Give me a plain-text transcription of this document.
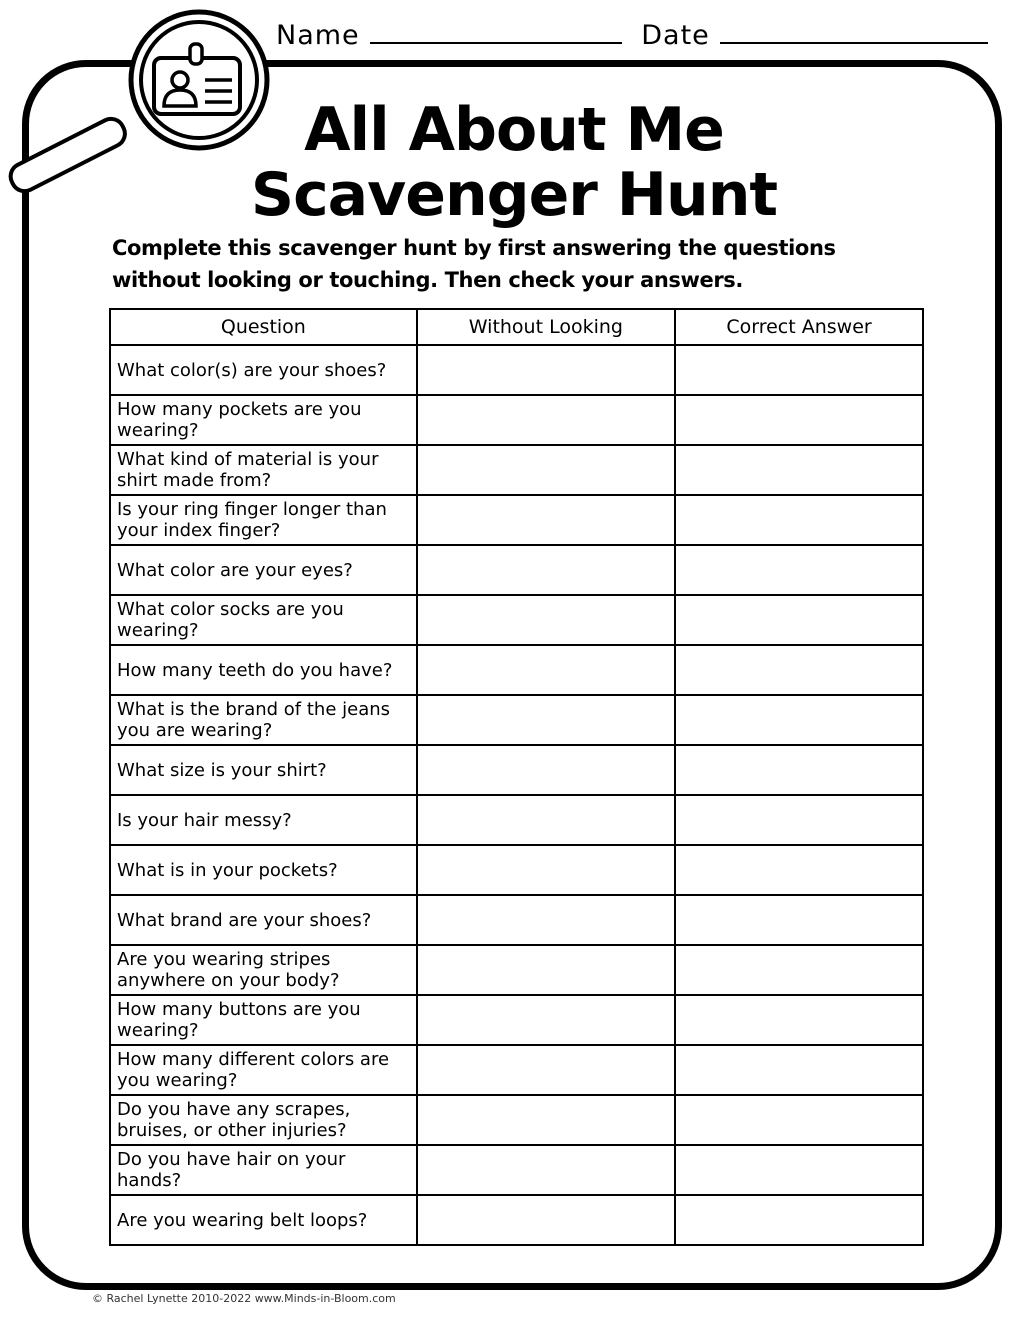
Name	Date
All About Me
Scavenger Hunt
Complete this scavenger hunt by first answering the questions
without looking or touching. Then check your answers.
Question	Without Looking	Correct Answer
What color(s) are your shoes?		
How many pockets are you wearing?		
What kind of material is your shirt made from?		
Is your ring finger longer than your index finger?		
What color are your eyes?		
What color socks are you wearing?		
How many teeth do you have?		
What is the brand of the jeans you are wearing?		
What size is your shirt?		
Is your hair messy?		
What is in your pockets?		
What brand are your shoes?		
Are you wearing stripes anywhere on your body?		
How many buttons are you wearing?		
How many different colors are you wearing?		
Do you have any scrapes, bruises, or other injuries?		
Do you have hair on your hands?		
Are you wearing belt loops?		
© Rachel Lynette 2010-2022 www.Minds-in-Bloom.com
